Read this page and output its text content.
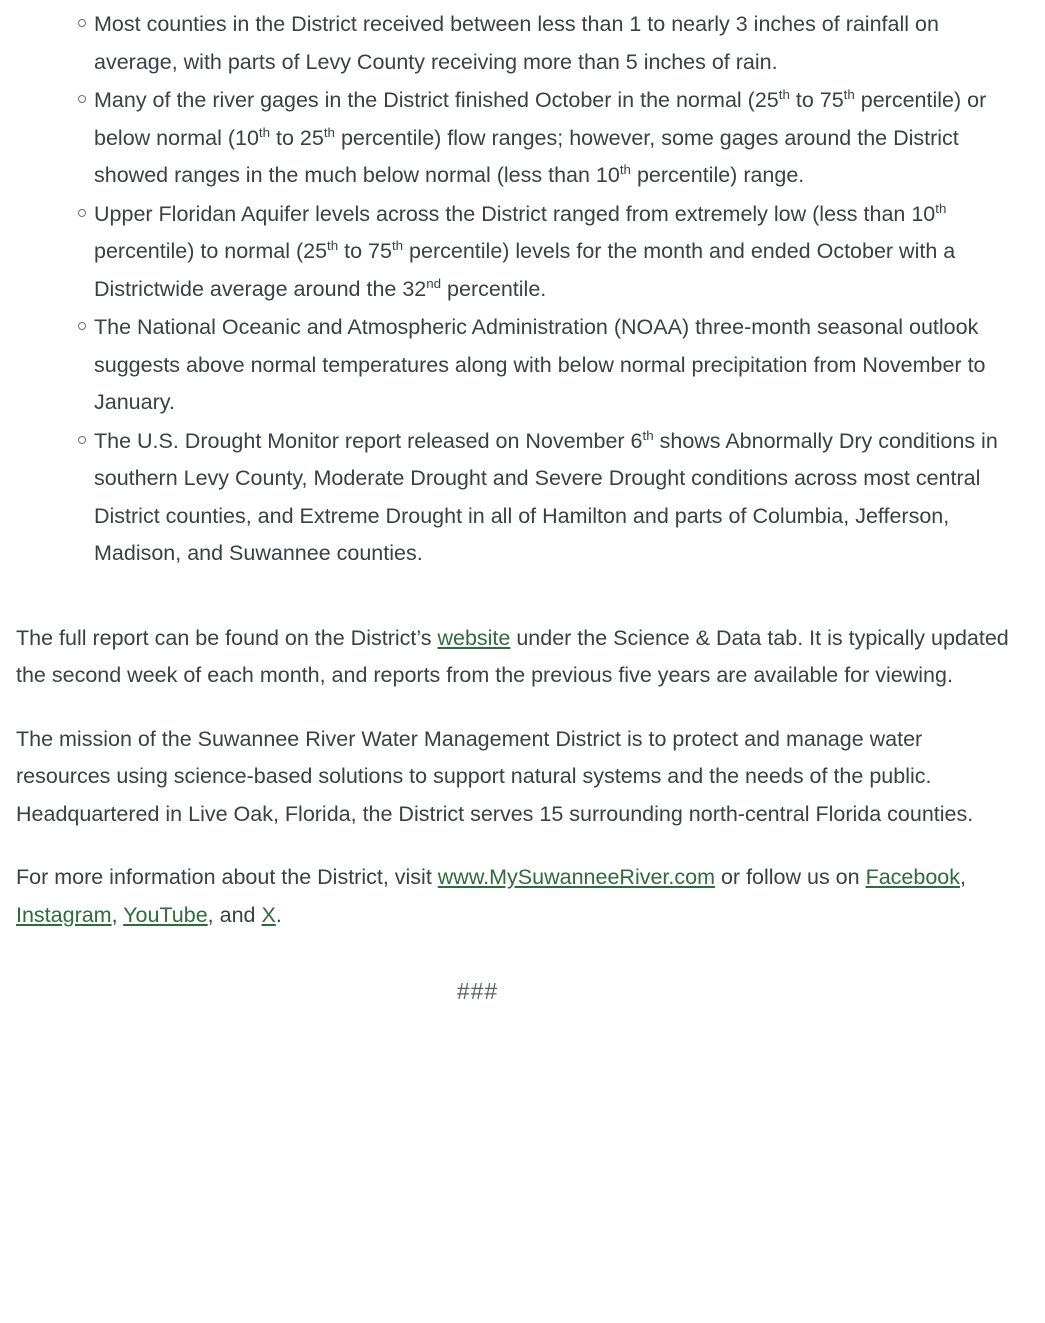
Most counties in the District received between less than 1 to nearly 3 inches of rainfall on average, with parts of Levy County receiving more than 5 inches of rain.
Many of the river gages in the District finished October in the normal (25th to 75th percentile) or below normal (10th to 25th percentile) flow ranges; however, some gages around the District showed ranges in the much below normal (less than 10th percentile) range.
Upper Floridan Aquifer levels across the District ranged from extremely low (less than 10th percentile) to normal (25th to 75th percentile) levels for the month and ended October with a Districtwide average around the 32nd percentile.
The National Oceanic and Atmospheric Administration (NOAA) three-month seasonal outlook suggests above normal temperatures along with below normal precipitation from November to January.
The U.S. Drought Monitor report released on November 6th shows Abnormally Dry conditions in southern Levy County, Moderate Drought and Severe Drought conditions across most central District counties, and Extreme Drought in all of Hamilton and parts of Columbia, Jefferson, Madison, and Suwannee counties.

The full report can be found on the District’s website under the Science & Data tab. It is typically updated the second week of each month, and reports from the previous five years are available for viewing.

The mission of the Suwannee River Water Management District is to protect and manage water resources using science-based solutions to support natural systems and the needs of the public. Headquartered in Live Oak, Florida, the District serves 15 surrounding north-central Florida counties.

For more information about the District, visit www.MySuwanneeRiver.com or follow us on Facebook, Instagram, YouTube, and X.

###
